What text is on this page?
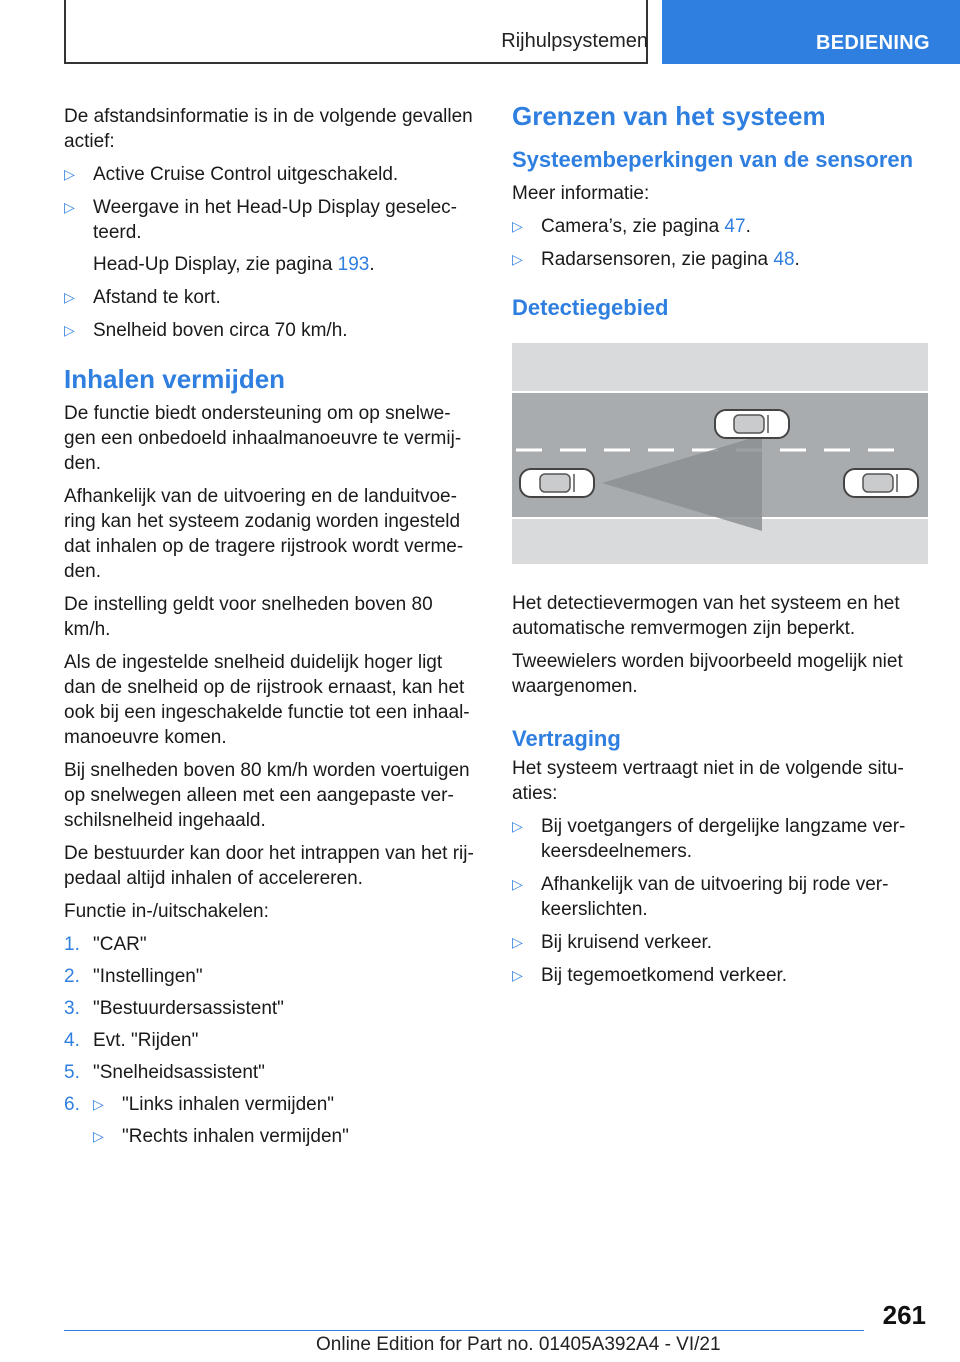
Rijhulpsystemen	BEDIENING

De afstandsinformatie is in de volgende gevallen actief:

▷ Active Cruise Control uitgeschakeld.
▷ Weergave in het Head-Up Display geselec-teerd.
Head-Up Display, zie pagina 193.
▷ Afstand te kort.
▷ Snelheid boven circa 70 km/h.
Inhalen vermijden

De functie biedt ondersteuning om op snelwe-gen een onbedoeld inhaalmanoeuvre te vermij-den.

Afhankelijk van de uitvoering en de landuitvoe-ring kan het systeem zodanig worden ingesteld dat inhalen op de tragere rijstrook wordt verme-den.

De instelling geldt voor snelheden boven 80 km/h.

Als de ingestelde snelheid duidelijk hoger ligt dan de snelheid op de rijstrook ernaast, kan het ook bij een ingeschakelde functie tot een inhaal-manoeuvre komen.

Bij snelheden boven 80 km/h worden voertuigen op snelwegen alleen met een aangepaste ver-schilsnelheid ingehaald.

De bestuurder kan door het intrappen van het rij-pedaal altijd inhalen of accelereren.

Functie in-/uitschakelen:

1. "CAR"
2. "Instellingen"
3. "Bestuurdersassistent"
4. Evt. "Rijden"
5. "Snelheidsassistent"
6. ▷ "Links inhalen vermijden"
▷ "Rechts inhalen vermijden"
Grenzen van het systeem
Systeembeperkingen van de sensoren

Meer informatie:

▷ Camera’s, zie pagina 47.
▷ Radarsensoren, zie pagina 48.
Detectiegebied

Het detectievermogen van het systeem en het automatische remvermogen zijn beperkt.

Tweewielers worden bijvoorbeeld mogelijk niet waargenomen.

Vertraging

Het systeem vertraagt niet in de volgende situ-aties:

▷ Bij voetgangers of dergelijke langzame ver-keersdeelnemers.
▷ Afhankelijk van de uitvoering bij rode ver-keerslichten.
▷ Bij kruisend verkeer.
▷ Bij tegemoetkomend verkeer.
261
Online Edition for Part no. 01405A392A4 - VI/21
